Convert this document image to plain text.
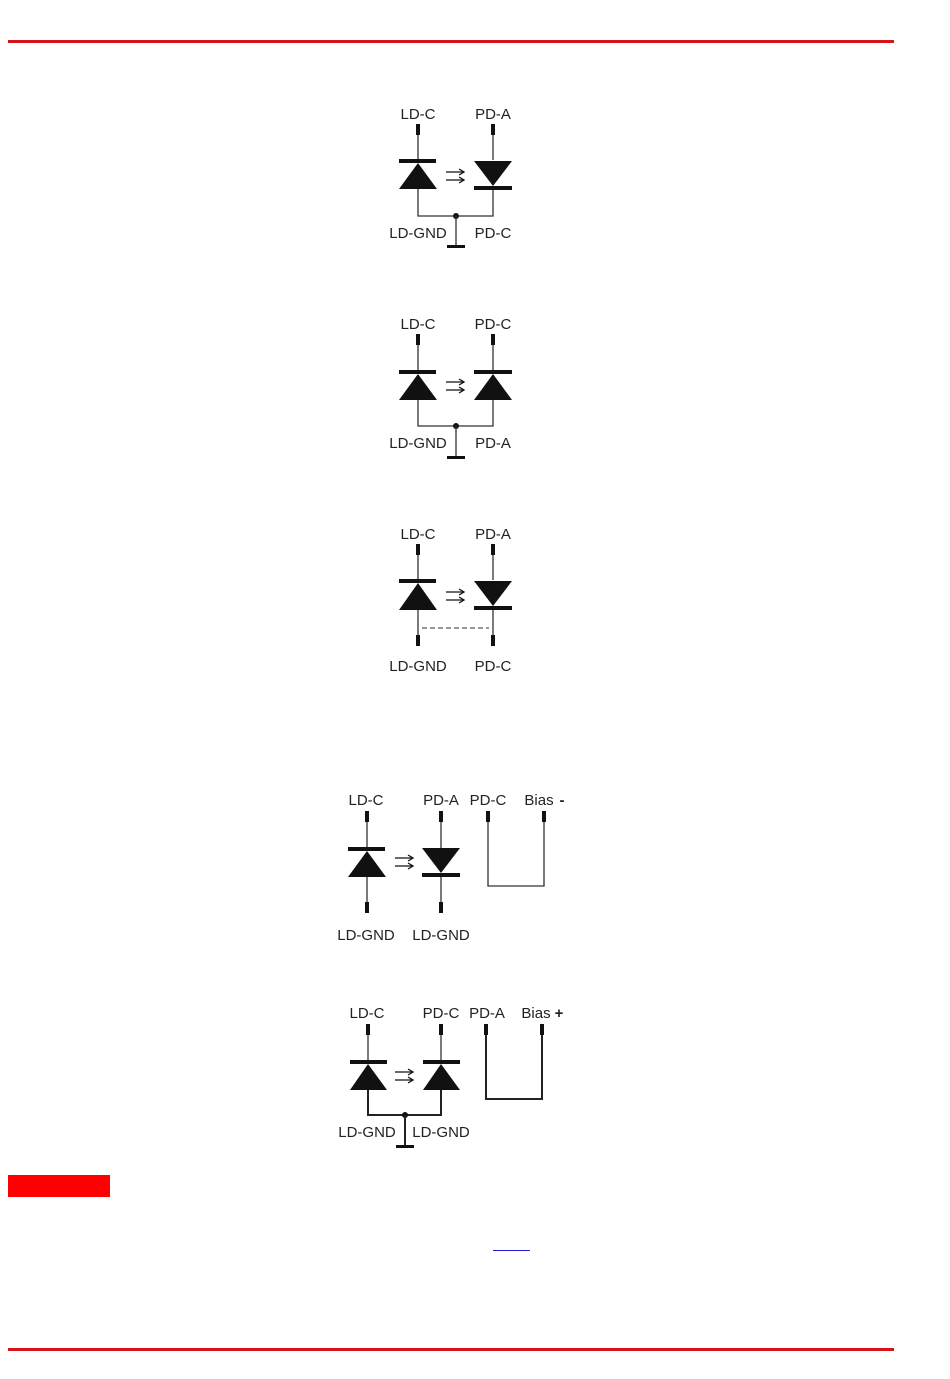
LD-C	PD-A
LD-GND PD-C
LD-C	PD-C
LD-GND PD-A
LD-C	PD-A
LD-GND PD-C
LD-C	PD-A PD-C Bias -
LD-GND LD-GND
LD-C	PD-C PD-A Bias +
LD-GND LD-GND
